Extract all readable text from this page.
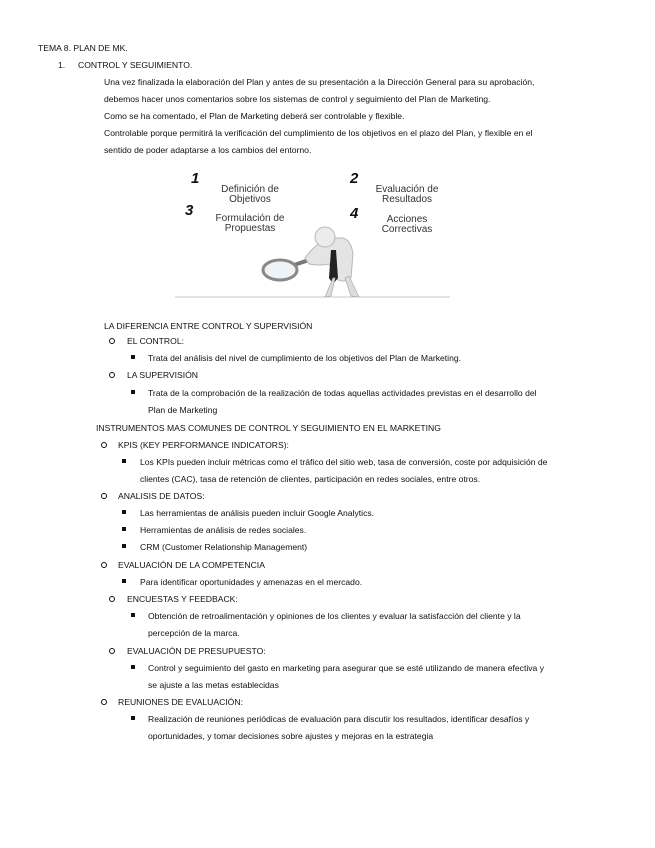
TEMA 8. PLAN DE MK.
1. CONTROL Y SEGUIMIENTO.
Una vez finalizada la elaboración del Plan y antes de su presentación a la Dirección General para su aprobación,
debemos hacer unos comentarios sobre los sistemas de control y seguimiento del Plan de Marketing.
Como se ha comentado, el Plan de Marketing deberá ser controlable y flexible.
Controlable porque permitirá la verificación del cumplimiento de los objetivos en el plazo del Plan, y flexible en el
sentido de poder adaptarse a los cambios del entorno.
1	2
3	4
Definición de
Objetivos
Evaluación de
Resultados
Formulación de
Propuestas
Acciones
Correctivas
LA DIFERENCIA ENTRE CONTROL Y SUPERVISIÓN
EL CONTROL:
Trata del análisis del nivel de cumplimiento de los objetivos del Plan de Marketing.
LA SUPERVISIÓN
Trata de la comprobación de la realización de todas aquellas actividades previstas en el desarrollo del
Plan de Marketing
INSTRUMENTOS MAS COMUNES DE CONTROL Y SEGUIMIENTO EN EL MARKETING
KPIS (KEY PERFORMANCE INDICATORS):
Los KPIs pueden incluir métricas como el tráfico del sitio web, tasa de conversión, coste por adquisición de
clientes (CAC), tasa de retención de clientes, participación en redes sociales, entre otros.
ANALISIS DE DATOS:
Las herramientas de análisis pueden incluir Google Analytics.
Herramientas de análisis de redes sociales.
CRM (Customer Relationship Management)
EVALUACIÓN DE LA COMPETENCIA
Para identificar oportunidades y amenazas en el mercado.
ENCUESTAS Y FEEDBACK:
Obtención de retroalimentación y opiniones de los clientes y evaluar la satisfacción del cliente y la
percepción de la marca.
EVALUACIÓN DE PRESUPUESTO:
Control y seguimiento del gasto en marketing para asegurar que se esté utilizando de manera efectiva y
se ajuste a las metas establecidas
REUNIONES DE EVALUACIÓN:
Realización de reuniones periódicas de evaluación para discutir los resultados, identificar desafíos y
oportunidades, y tomar decisiones sobre ajustes y mejoras en la estrategia
